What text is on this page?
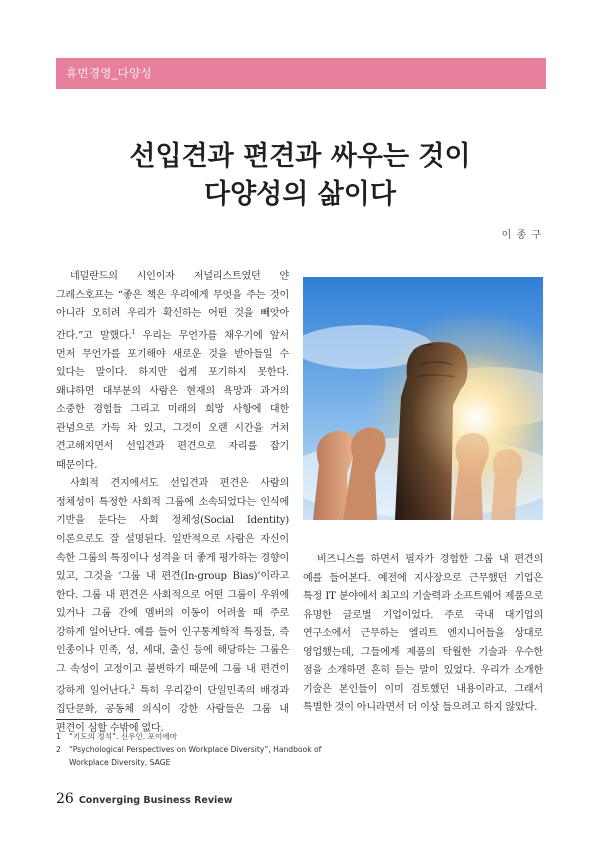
휴먼경영_다양성
선입견과 편견과 싸우는 것이
다양성의 삶이다
이 종 구

네덜란드의 시인이자 저널리스트였던 얀 그레스호프는 “좋은 책은 우리에게 무엇을 주는 것이 아니라 오히려 우리가 확신하는 어떤 것을 빼앗아 간다.”고 말했다.$^1$ 우리는 무언가를 채우기에 앞서 먼저 무언가를 포기해야 새로운 것을 받아들일 수 있다는 말이다. 하지만 쉽게 포기하지 못한다. 왜냐하면 대부분의 사람은 현재의 욕망과 과거의 소중한 경험들 그리고 미래의 희망 사항에 대한 관념으로 가득 차 있고, 그것이 오랜 시간을 거쳐 견고해지면서 선입견과 편견으로 자리를 잡기 때문이다.

사회적 견지에서도 선입견과 편견은 사람의 정체성이 특정한 사회적 그룹에 소속되었다는 인식에 기반을 둔다는 사회 정체성(Social Identity) 이론으로도 잘 설명된다. 일반적으로 사람은 자신이 속한 그룹의 특징이나 성격을 더 좋게 평가하는 경향이 있고, 그것을 ‘그룹 내 편견(In-group Bias)’이라고 한다. 그룹 내 편견은 사회적으로 어떤 그룹이 우위에 있거나 그룹 간에 멤버의 이동이 어려울 때 주로 강하게 일어난다. 예를 들어 인구통계학적 특징들, 즉 인종이나 민족, 성, 세대, 출신 등에 해당하는 그룹은 그 속성이 고정이고 불변하기 때문에 그룹 내 편견이 강하게 일어난다.$^2$ 특히 우리같이 단일민족의 배경과 집단문화, 공동체 의식이 강한 사람들은 그룹 내 편견이 심할 수밖에 없다.

비즈니스를 하면서 필자가 경험한 그룹 내 편견의 예를 들어본다. 예전에 지사장으로 근무했던 기업은 특정 IT 분야에서 최고의 기술력과 소프트웨어 제품으로 유명한 글로벌 기업이었다. 주로 국내 대기업의 연구소에서 근무하는 엘리트 엔지니어들을 상대로 영업했는데, 그들에게 제품의 탁월한 기술과 우수한 점을 소개하면 흔히 듣는 말이 있었다. 우리가 소개한 기술은 본인들이 이미 검토했던 내용이라고. 그래서 특별한 것이 아니라면서 더 이상 들으려고 하지 않았다.

1	“기도의 정석”. 신우인. 포이에마
2	“Psychological Perspectives on Workplace Diversity”, Handbook of Workplace Diversity, SAGE
26 Converging Business Review
